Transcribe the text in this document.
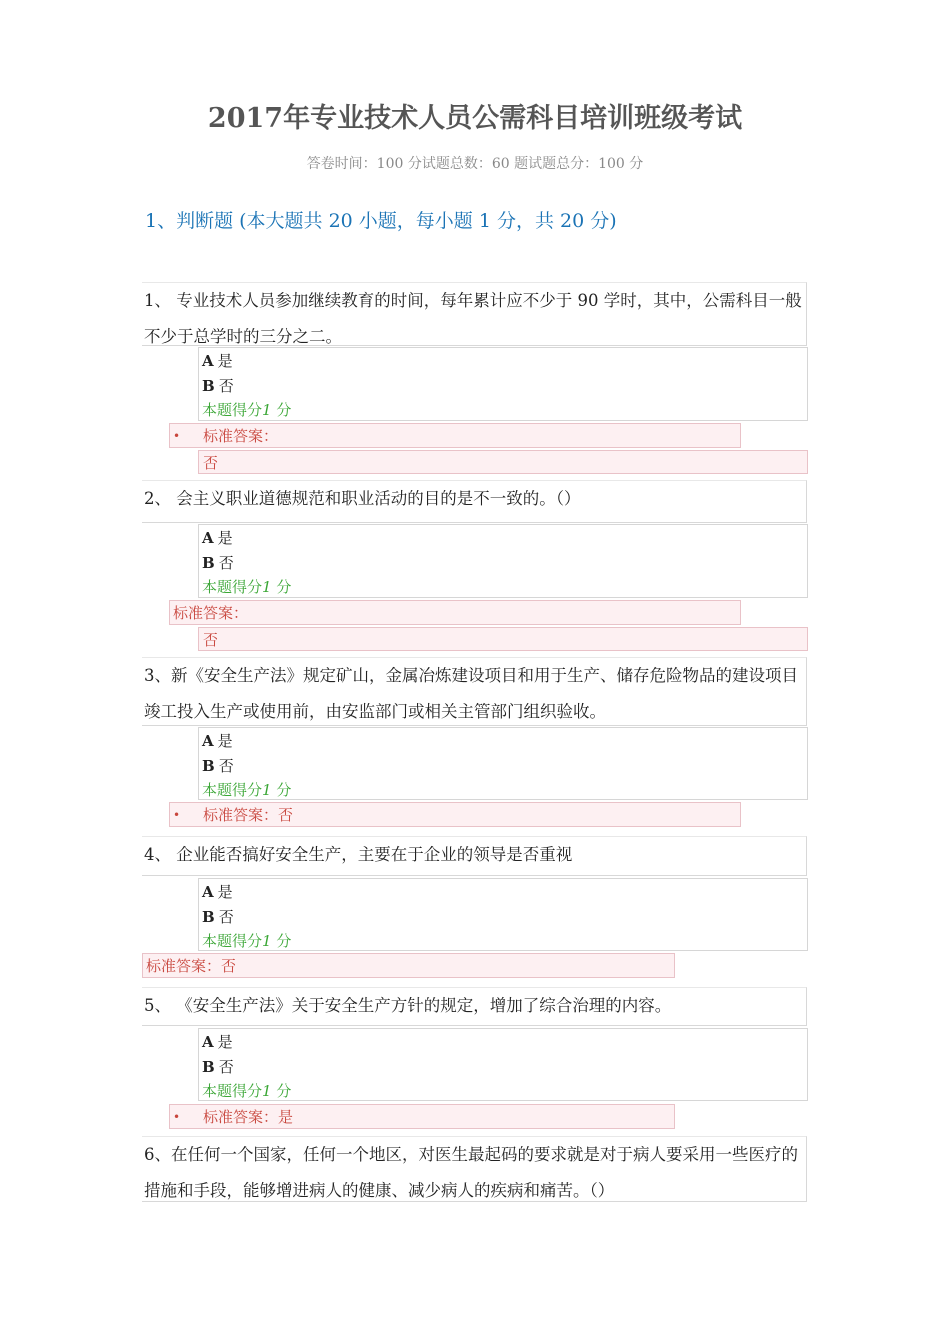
2017年专业技术人员公需科目培训班级考试
答卷时间：100 分试题总数：60 题试题总分：100 分
1、判断题 (本大题共 20 小题，每小题 1 分，共 20 分)
1、 专业技术人员参加继续教育的时间，每年累计应不少于 90 学时，其中，公需科目一般不少于总学时的三分之二。
A 是
B 否
本题得分1 分
• 标准答案：
否
2、 会主义职业道德规范和职业活动的目的是不一致的。（）
A 是
B 否
本题得分1 分
标准答案：
否
3、新《安全生产法》规定矿山，金属冶炼建设项目和用于生产、储存危险物品的建设项目竣工投入生产或使用前，由安监部门或相关主管部门组织验收。
A 是
B 否
本题得分1 分
• 标准答案：否
4、 企业能否搞好安全生产，主要在于企业的领导是否重视
A 是
B 否
本题得分1 分
标准答案：否
5、 《安全生产法》关于安全生产方针的规定，增加了综合治理的内容。
A 是
B 否
本题得分1 分
• 标准答案：是
6、在任何一个国家，任何一个地区，对医生最起码的要求就是对于病人要采用一些医疗的措施和手段，能够增进病人的健康、减少病人的疾病和痛苦。（）
